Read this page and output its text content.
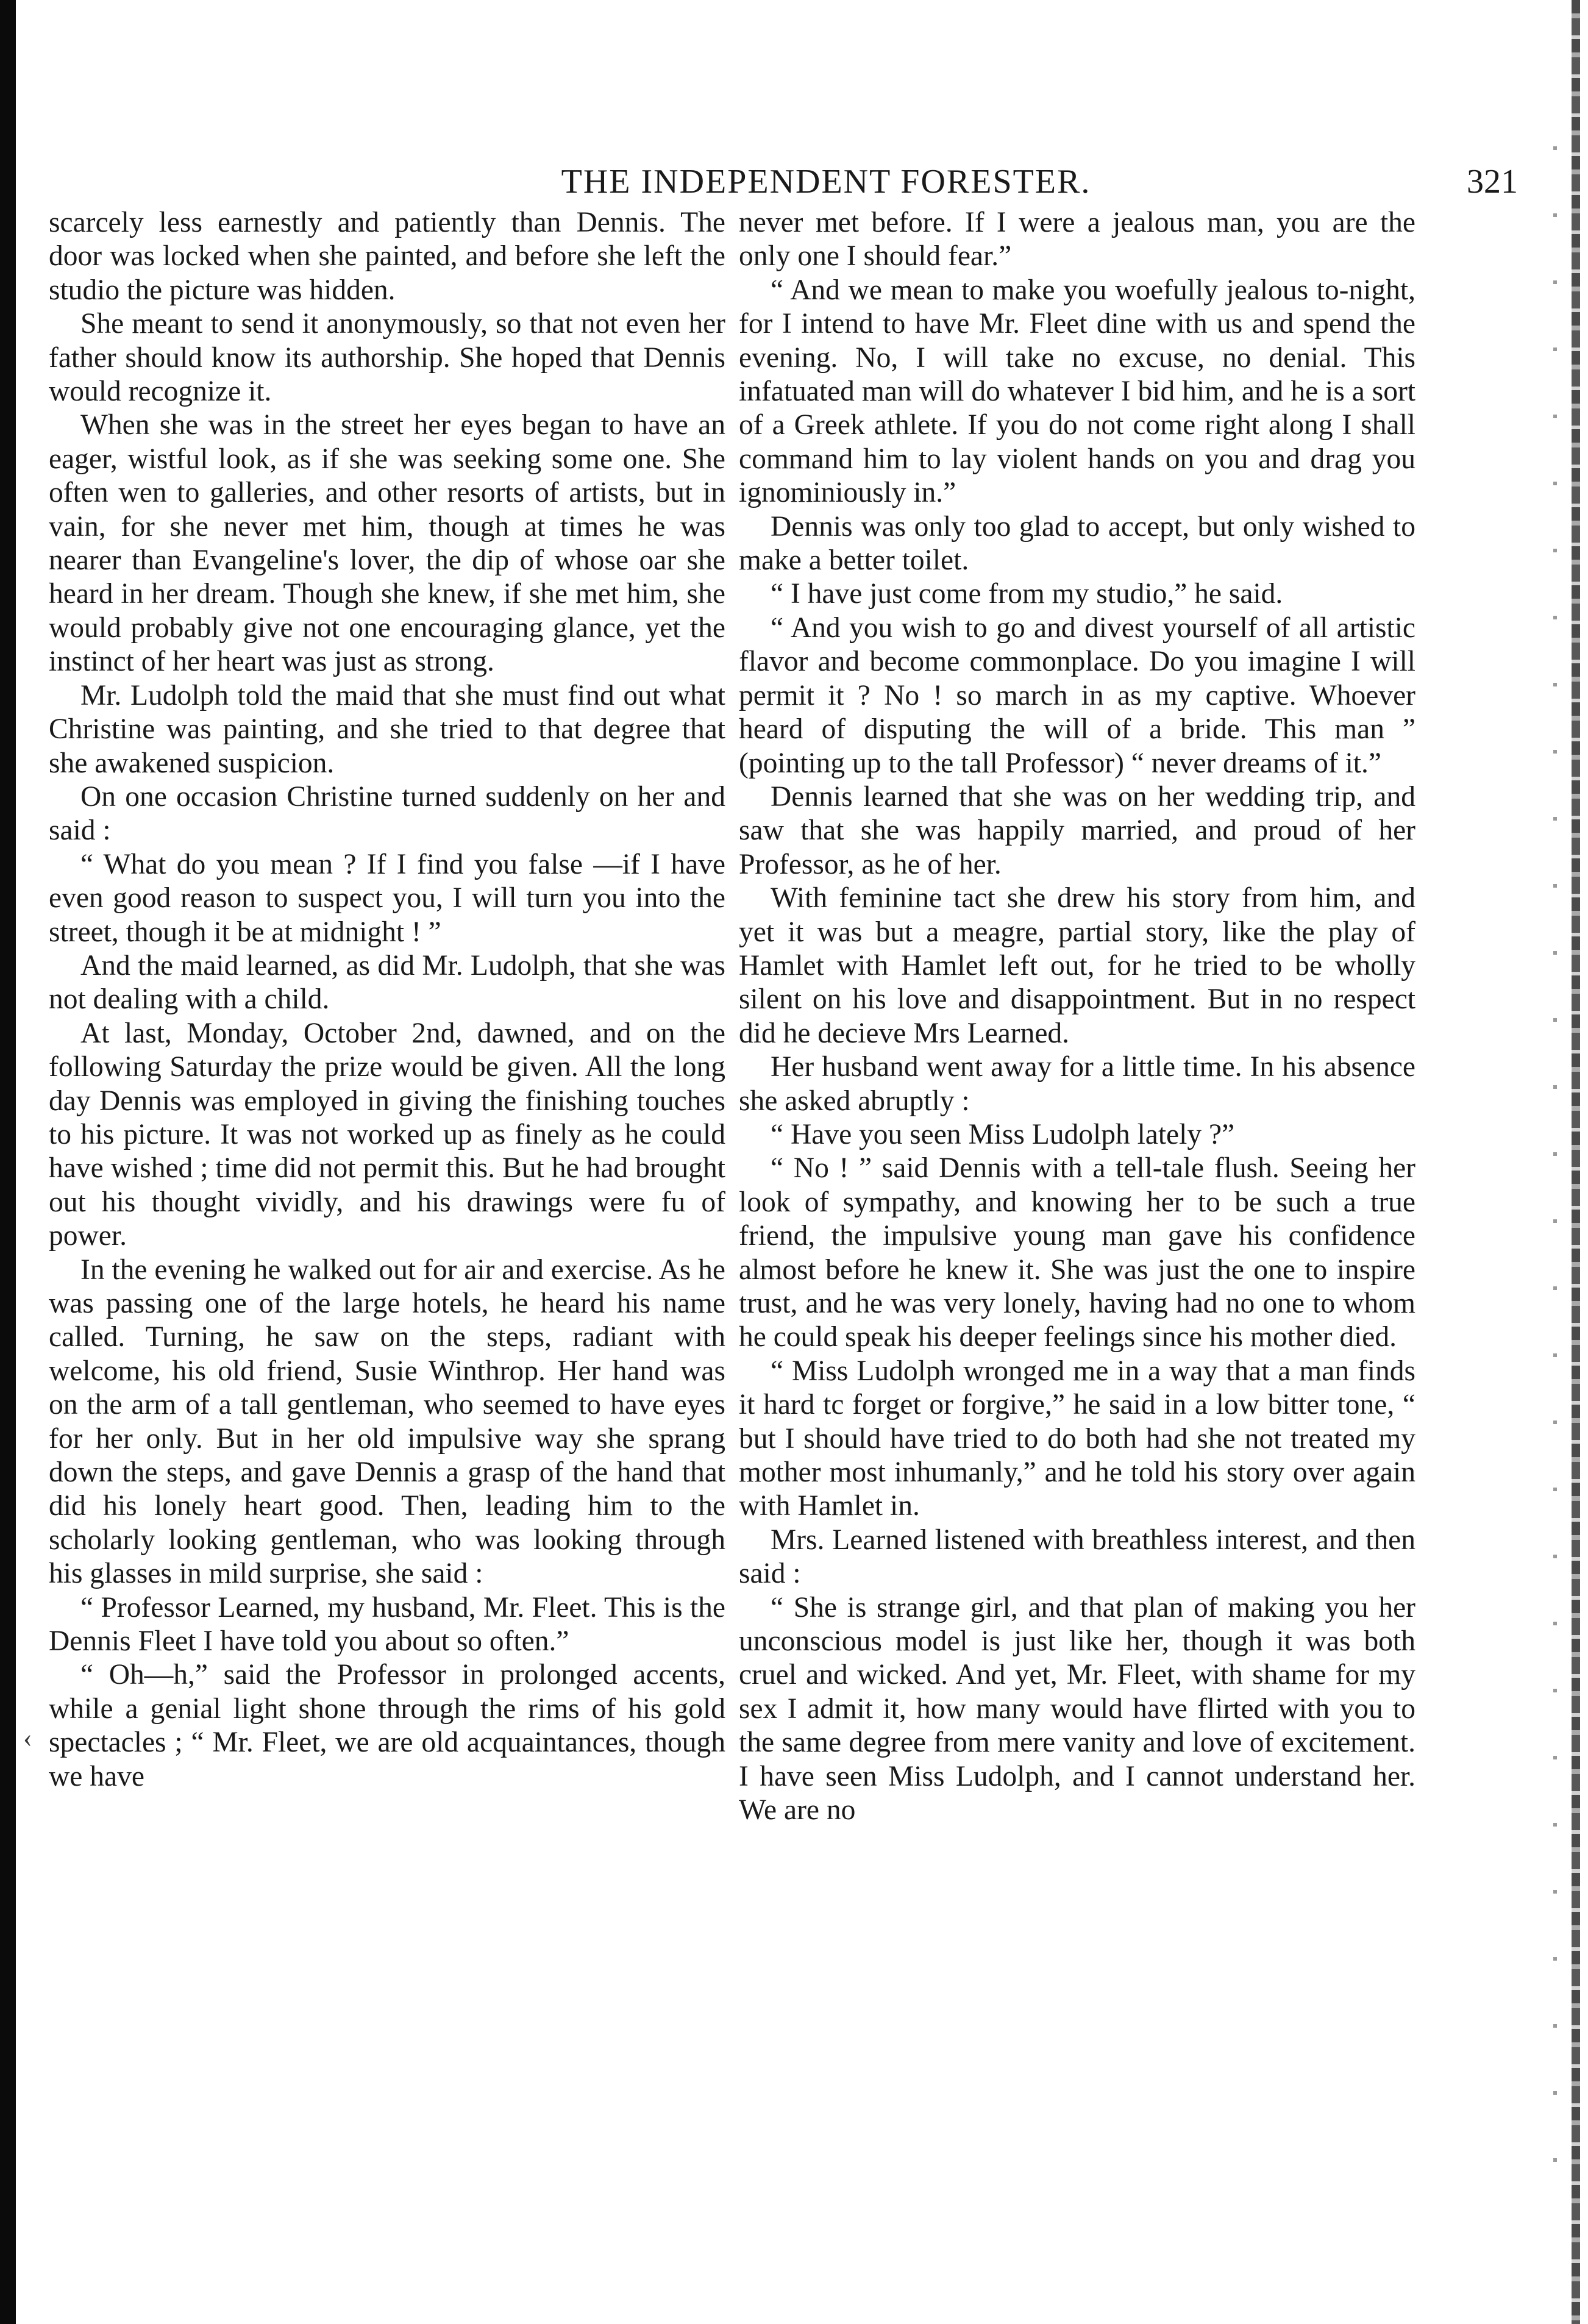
THE INDEPENDENT FORESTER.	321

scarcely less earnestly and patiently than Dennis. The door was locked when she painted, and before she left the studio the picture was hidden.

She meant to send it anonymously, so that not even her father should know its authorship. She hoped that Dennis would recognize it.

When she was in the street her eyes began to have an eager, wistful look, as if she was seeking some one. She often wen to galleries, and other resorts of artists, but in vain, for she never met him, though at times he was nearer than Evangeline's lover, the dip of whose oar she heard in her dream. Though she knew, if she met him, she would probably give not one encouraging glance, yet the instinct of her heart was just as strong.

Mr. Ludolph told the maid that she must find out what Christine was painting, and she tried to that degree that she awakened suspicion.

On one occasion Christine turned suddenly on her and said :

“ What do you mean ? If I find you false —if I have even good reason to suspect you, I will turn you into the street, though it be at midnight ! ”

And the maid learned, as did Mr. Ludolph, that she was not dealing with a child.

At last, Monday, October 2nd, dawned, and on the following Saturday the prize would be given. All the long day Dennis was employed in giving the finishing touches to his picture. It was not worked up as finely as he could have wished ; time did not permit this. But he had brought out his thought vividly, and his drawings were fu of power.

In the evening he walked out for air and exercise. As he was passing one of the large hotels, he heard his name called. Turning, he saw on the steps, radiant with welcome, his old friend, Susie Winthrop. Her hand was on the arm of a tall gentleman, who seemed to have eyes for her only. But in her old impulsive way she sprang down the steps, and gave Dennis a grasp of the hand that did his lonely heart good. Then, leading him to the scholarly looking gentleman, who was looking through his glasses in mild surprise, she said :

“ Professor Learned, my husband, Mr. Fleet. This is the Dennis Fleet I have told you about so often.”

“ Oh—h,” said the Professor in prolonged accents, while a genial light shone through the rims of his gold spectacles ; “ Mr. Fleet, we are old acquaintances, though we have

never met before. If I were a jealous man, you are the only one I should fear.”

“ And we mean to make you woefully jealous to-night, for I intend to have Mr. Fleet dine with us and spend the evening. No, I will take no excuse, no denial. This infatuated man will do whatever I bid him, and he is a sort of a Greek athlete. If you do not come right along I shall command him to lay violent hands on you and drag you ignominiously in.”

Dennis was only too glad to accept, but only wished to make a better toilet.

“ I have just come from my studio,” he said.

“ And you wish to go and divest yourself of all artistic flavor and become commonplace. Do you imagine I will permit it ? No ! so march in as my captive. Whoever heard of disputing the will of a bride. This man ” (pointing up to the tall Professor) “ never dreams of it.”

Dennis learned that she was on her wedding trip, and saw that she was happily married, and proud of her Professor, as he of her.

With feminine tact she drew his story from him, and yet it was but a meagre, partial story, like the play of Hamlet with Hamlet left out, for he tried to be wholly silent on his love and disappointment. But in no respect did he decieve Mrs Learned.

Her husband went away for a little time. In his absence she asked abruptly :

“ Have you seen Miss Ludolph lately ?”

“ No ! ” said Dennis with a tell-tale flush. Seeing her look of sympathy, and knowing her to be such a true friend, the impulsive young man gave his confidence almost before he knew it. She was just the one to inspire trust, and he was very lonely, having had no one to whom he could speak his deeper feelings since his mother died.

“ Miss Ludolph wronged me in a way that a man finds it hard tc forget or forgive,” he said in a low bitter tone, “ but I should have tried to do both had she not treated my mother most inhumanly,” and he told his story over again with Hamlet in.

Mrs. Learned listened with breathless interest, and then said :

“ She is strange girl, and that plan of making you her unconscious model is just like her, though it was both cruel and wicked. And yet, Mr. Fleet, with shame for my sex I admit it, how many would have flirted with you to the same degree from mere vanity and love of excitement. I have seen Miss Ludolph, and I cannot understand her. We are no

‹
